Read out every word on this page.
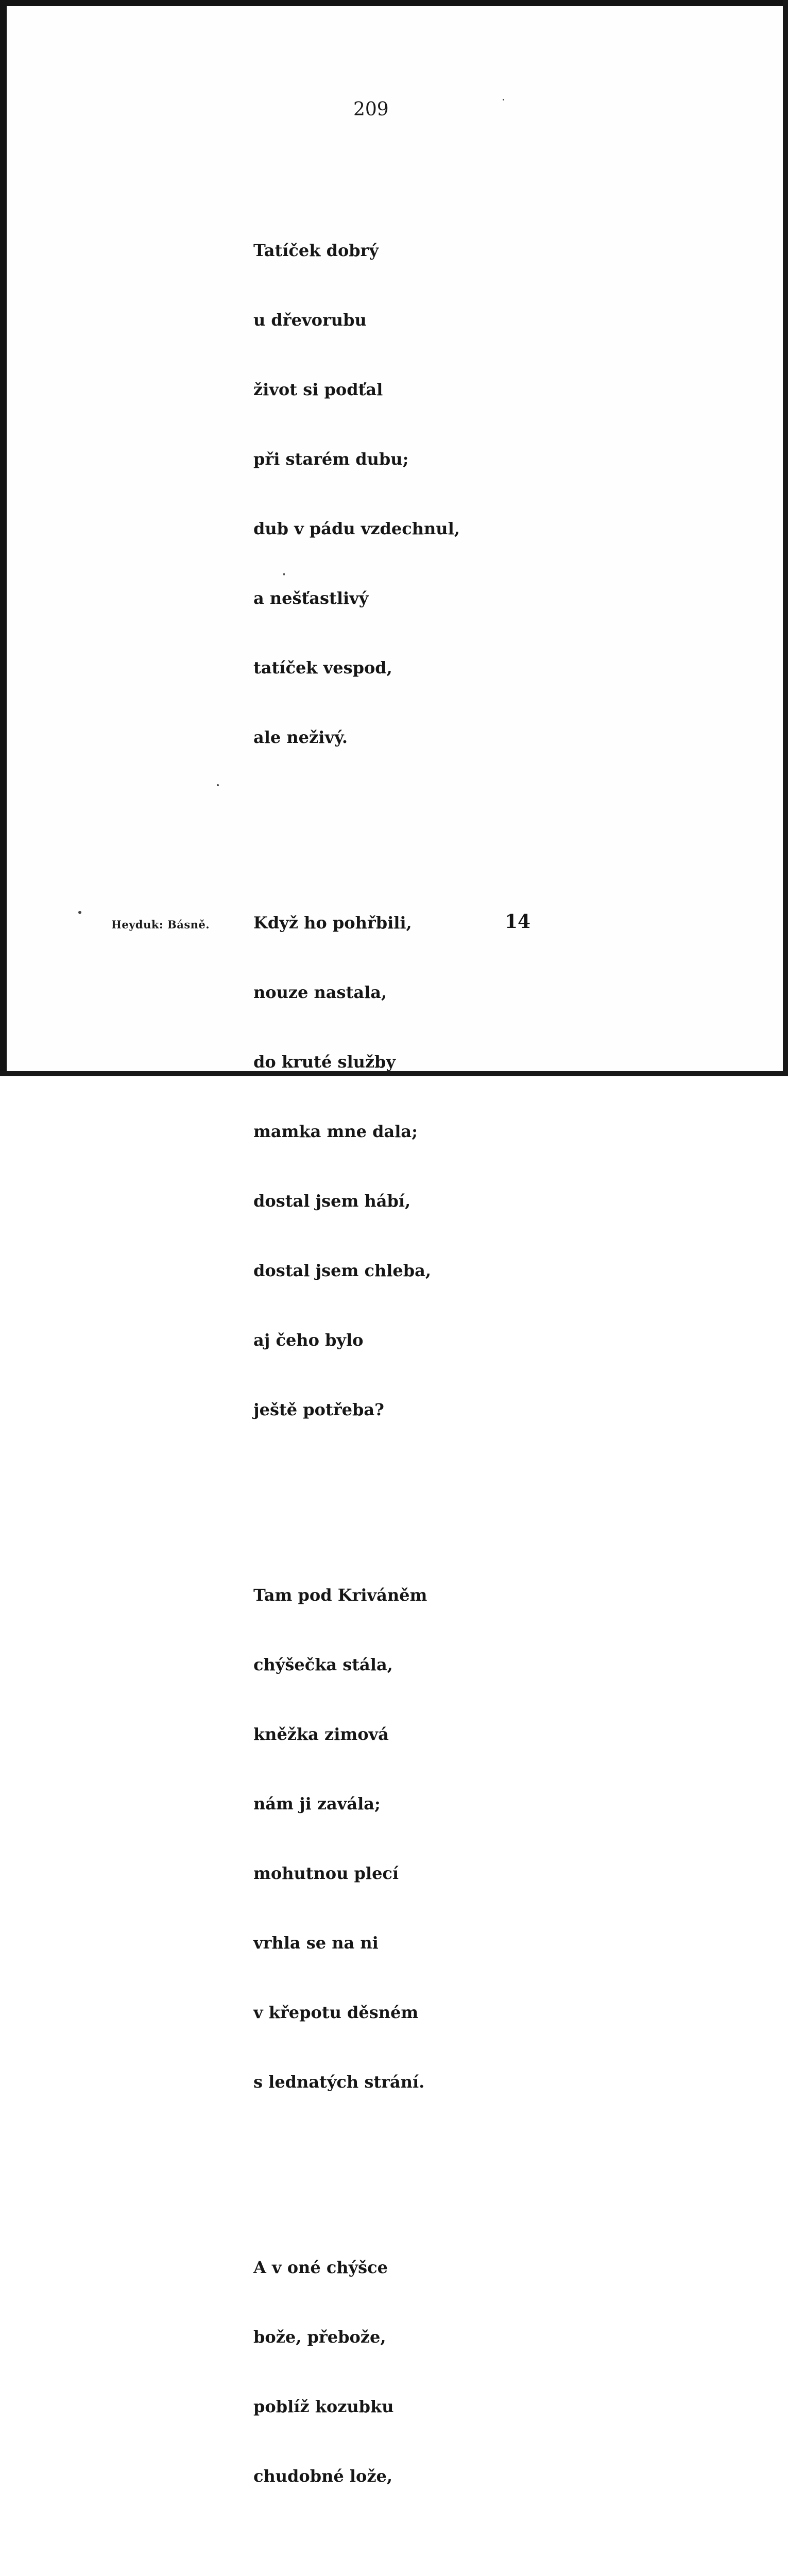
209

Tatíček dobrý

u dřevorubu

život si podťal

při starém dubu;

dub v pádu vzdechnul,

a nešťastlivý

tatíček vespod,

ale neživý.

Když ho pohřbili,

nouze nastala,

do kruté služby

mamka mne dala;

dostal jsem hábí,

dostal jsem chleba,

aj čeho bylo

ještě potřeba?

Tam pod Kriváněm

chýšečka stála,

kněžka zimová

nám ji zavála;

mohutnou plecí

vrhla se na ni

v křepotu děsném

s lednatých strání.

A v oné chýšce

bože, přebože,

poblíž kozubku

chudobné lože,

Heyduk: Básně.	14
